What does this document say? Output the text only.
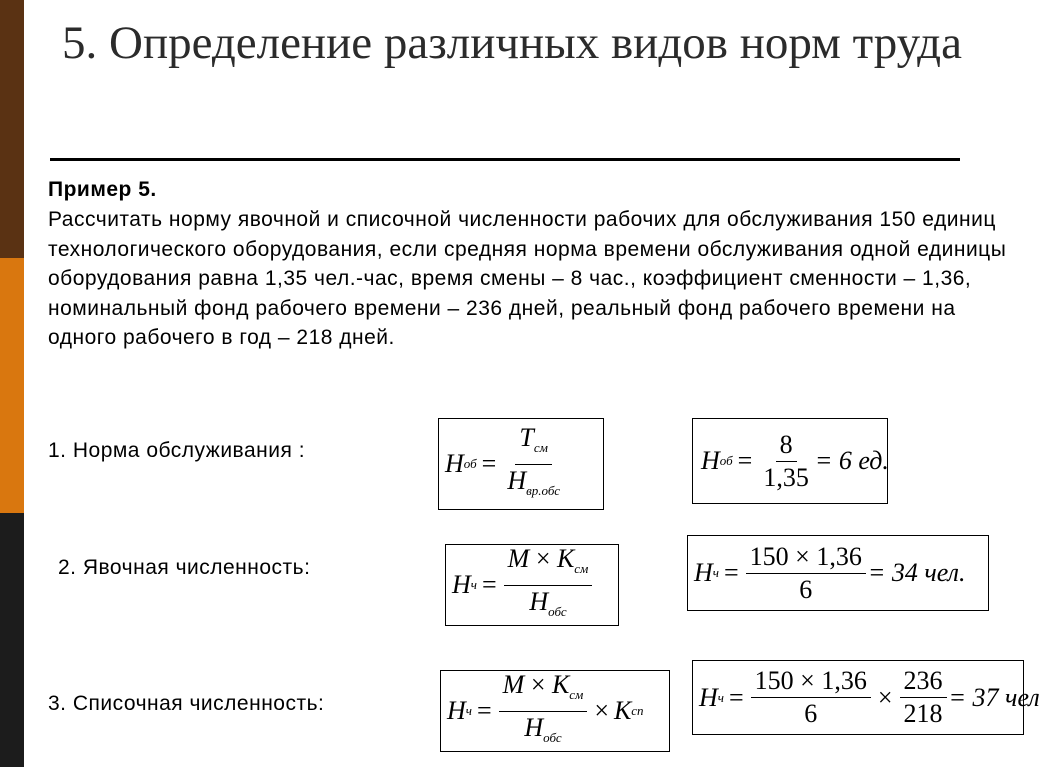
5. Определение различных видов норм труда
Пример 5.

Рассчитать норму явочной и списочной численности рабочих для обслуживания 150 единиц технологического оборудования, если средняя норма времени обслуживания одной единицы оборудования равна 1,35 чел.-час, время смены – 8 час., коэффициент сменности – 1,36, номинальный фонд рабочего времени – 236 дней, реальный фонд рабочего времени на одного рабочего в год – 218 дней.

1. Норма обслуживания :
2. Явочная численность:
3. Списочная численность:
Н об = $\frac{Т_{см}}{Н_{вр.обс}}$	Н об = $\frac{8}{1,35} = 6$ ед.
Н $ч = \frac{М \times К_{см}}{Н_{обс}}$	Н $ч = \frac{150 \times 1,36}{6} = 34$ чел.
Н $ч = \frac{М \times К_{см}}{Н_{обс}} \times К$ сп Н $ч = \frac{150 \times 1,36}{6} \times \frac{236}{218} = 37$ чел
